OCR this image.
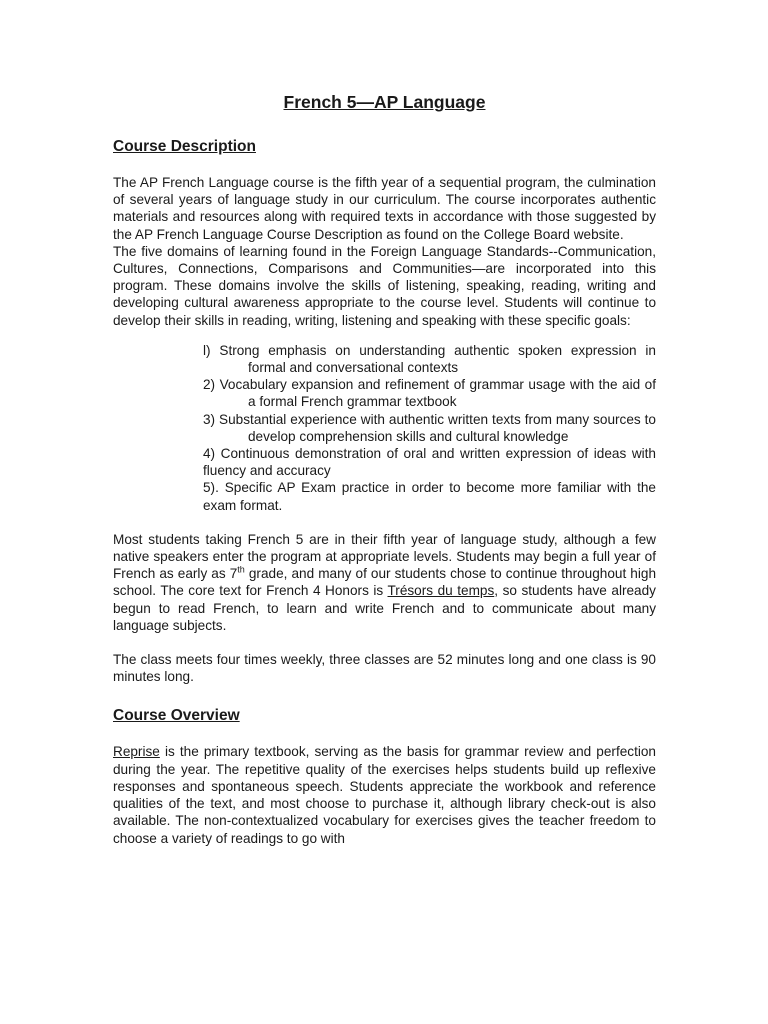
French 5—AP Language
Course Description

The AP French Language course is the fifth year of a sequential program, the culmination of several years of language study in our curriculum. The course incorporates authentic materials and resources along with required texts in accordance with those suggested by the AP French Language Course Description as found on the College Board website.

The five domains of learning found in the Foreign Language Standards--Communication, Cultures, Connections, Comparisons and Communities—are incorporated into this program. These domains involve the skills of listening, speaking, reading, writing and developing cultural awareness appropriate to the course level. Students will continue to develop their skills in reading, writing, listening and speaking with these specific goals:

l) Strong emphasis on understanding authentic spoken expression in formal and conversational contexts
2) Vocabulary expansion and refinement of grammar usage with the aid of a formal French grammar textbook
3) Substantial experience with authentic written texts from many sources to develop comprehension skills and cultural knowledge
4) Continuous demonstration of oral and written expression of ideas with fluency and accuracy
5). Specific AP Exam practice in order to become more familiar with the exam format.

Most students taking French 5 are in their fifth year of language study, although a few native speakers enter the program at appropriate levels. Students may begin a full year of French as early as 7th grade, and many of our students chose to continue throughout high school. The core text for French 4 Honors is Trésors du temps, so students have already begun to read French, to learn and write French and to communicate about many language subjects.

The class meets four times weekly, three classes are 52 minutes long and one class is 90 minutes long.

Course Overview

Reprise is the primary textbook, serving as the basis for grammar review and perfection during the year. The repetitive quality of the exercises helps students build up reflexive responses and spontaneous speech. Students appreciate the workbook and reference qualities of the text, and most choose to purchase it, although library check-out is also available. The non-contextualized vocabulary for exercises gives the teacher freedom to choose a variety of readings to go with
